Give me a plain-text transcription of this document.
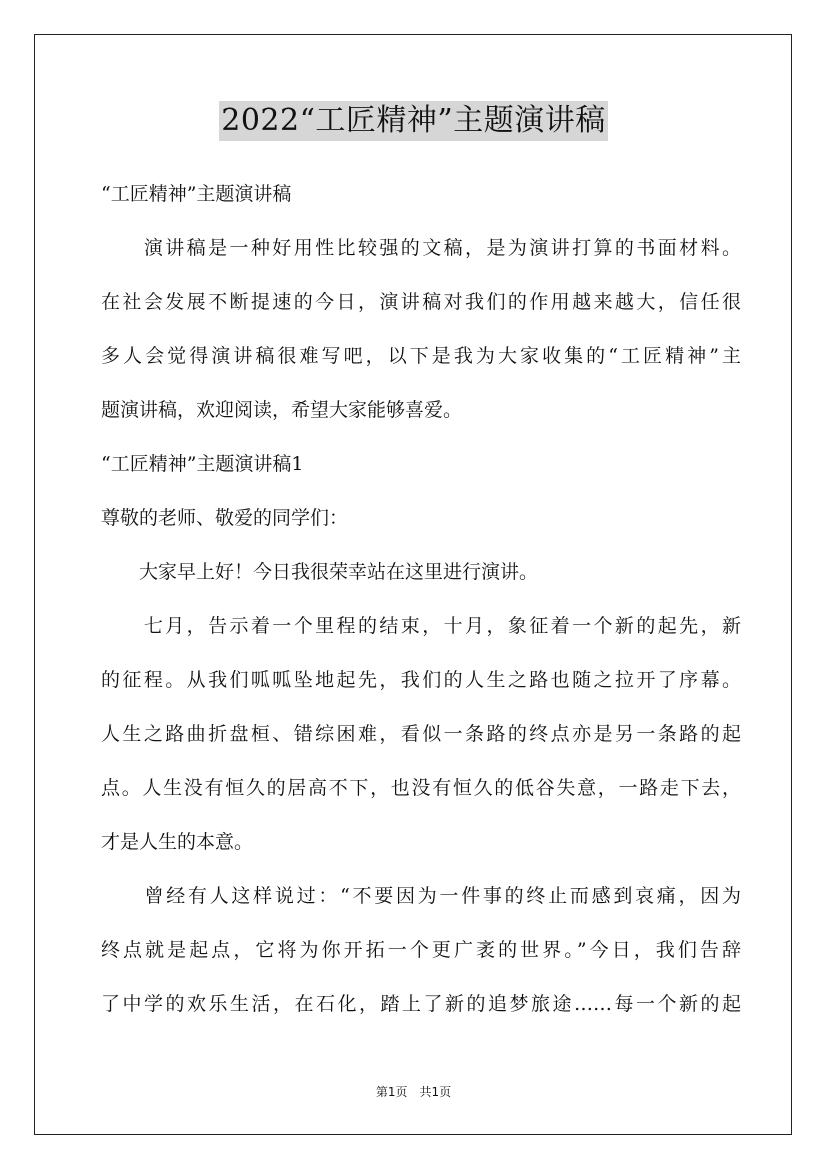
2022“工匠精神”主题演讲稿

“工匠精神”主题演讲稿

　　演讲稿是一种好用性比较强的文稿，是为演讲打算的书面材料。

在社会发展不断提速的今日，演讲稿对我们的作用越来越大，信任很

多人会觉得演讲稿很难写吧，以下是我为大家收集的“工匠精神”主

题演讲稿，欢迎阅读，希望大家能够喜爱。

“工匠精神”主题演讲稿1

尊敬的老师、敬爱的同学们：

　　大家早上好！今日我很荣幸站在这里进行演讲。

　　七月，告示着一个里程的结束，十月，象征着一个新的起先，新

的征程。从我们呱呱坠地起先，我们的人生之路也随之拉开了序幕。

人生之路曲折盘桓、错综困难，看似一条路的终点亦是另一条路的起

点。人生没有恒久的居高不下，也没有恒久的低谷失意，一路走下去，

才是人生的本意。

　　曾经有人这样说过：“不要因为一件事的终止而感到哀痛，因为

终点就是起点，它将为你开拓一个更广袤的世界。”今日，我们告辞

了中学的欢乐生活，在石化，踏上了新的追梦旅途……每一个新的起

第1页　共1页
